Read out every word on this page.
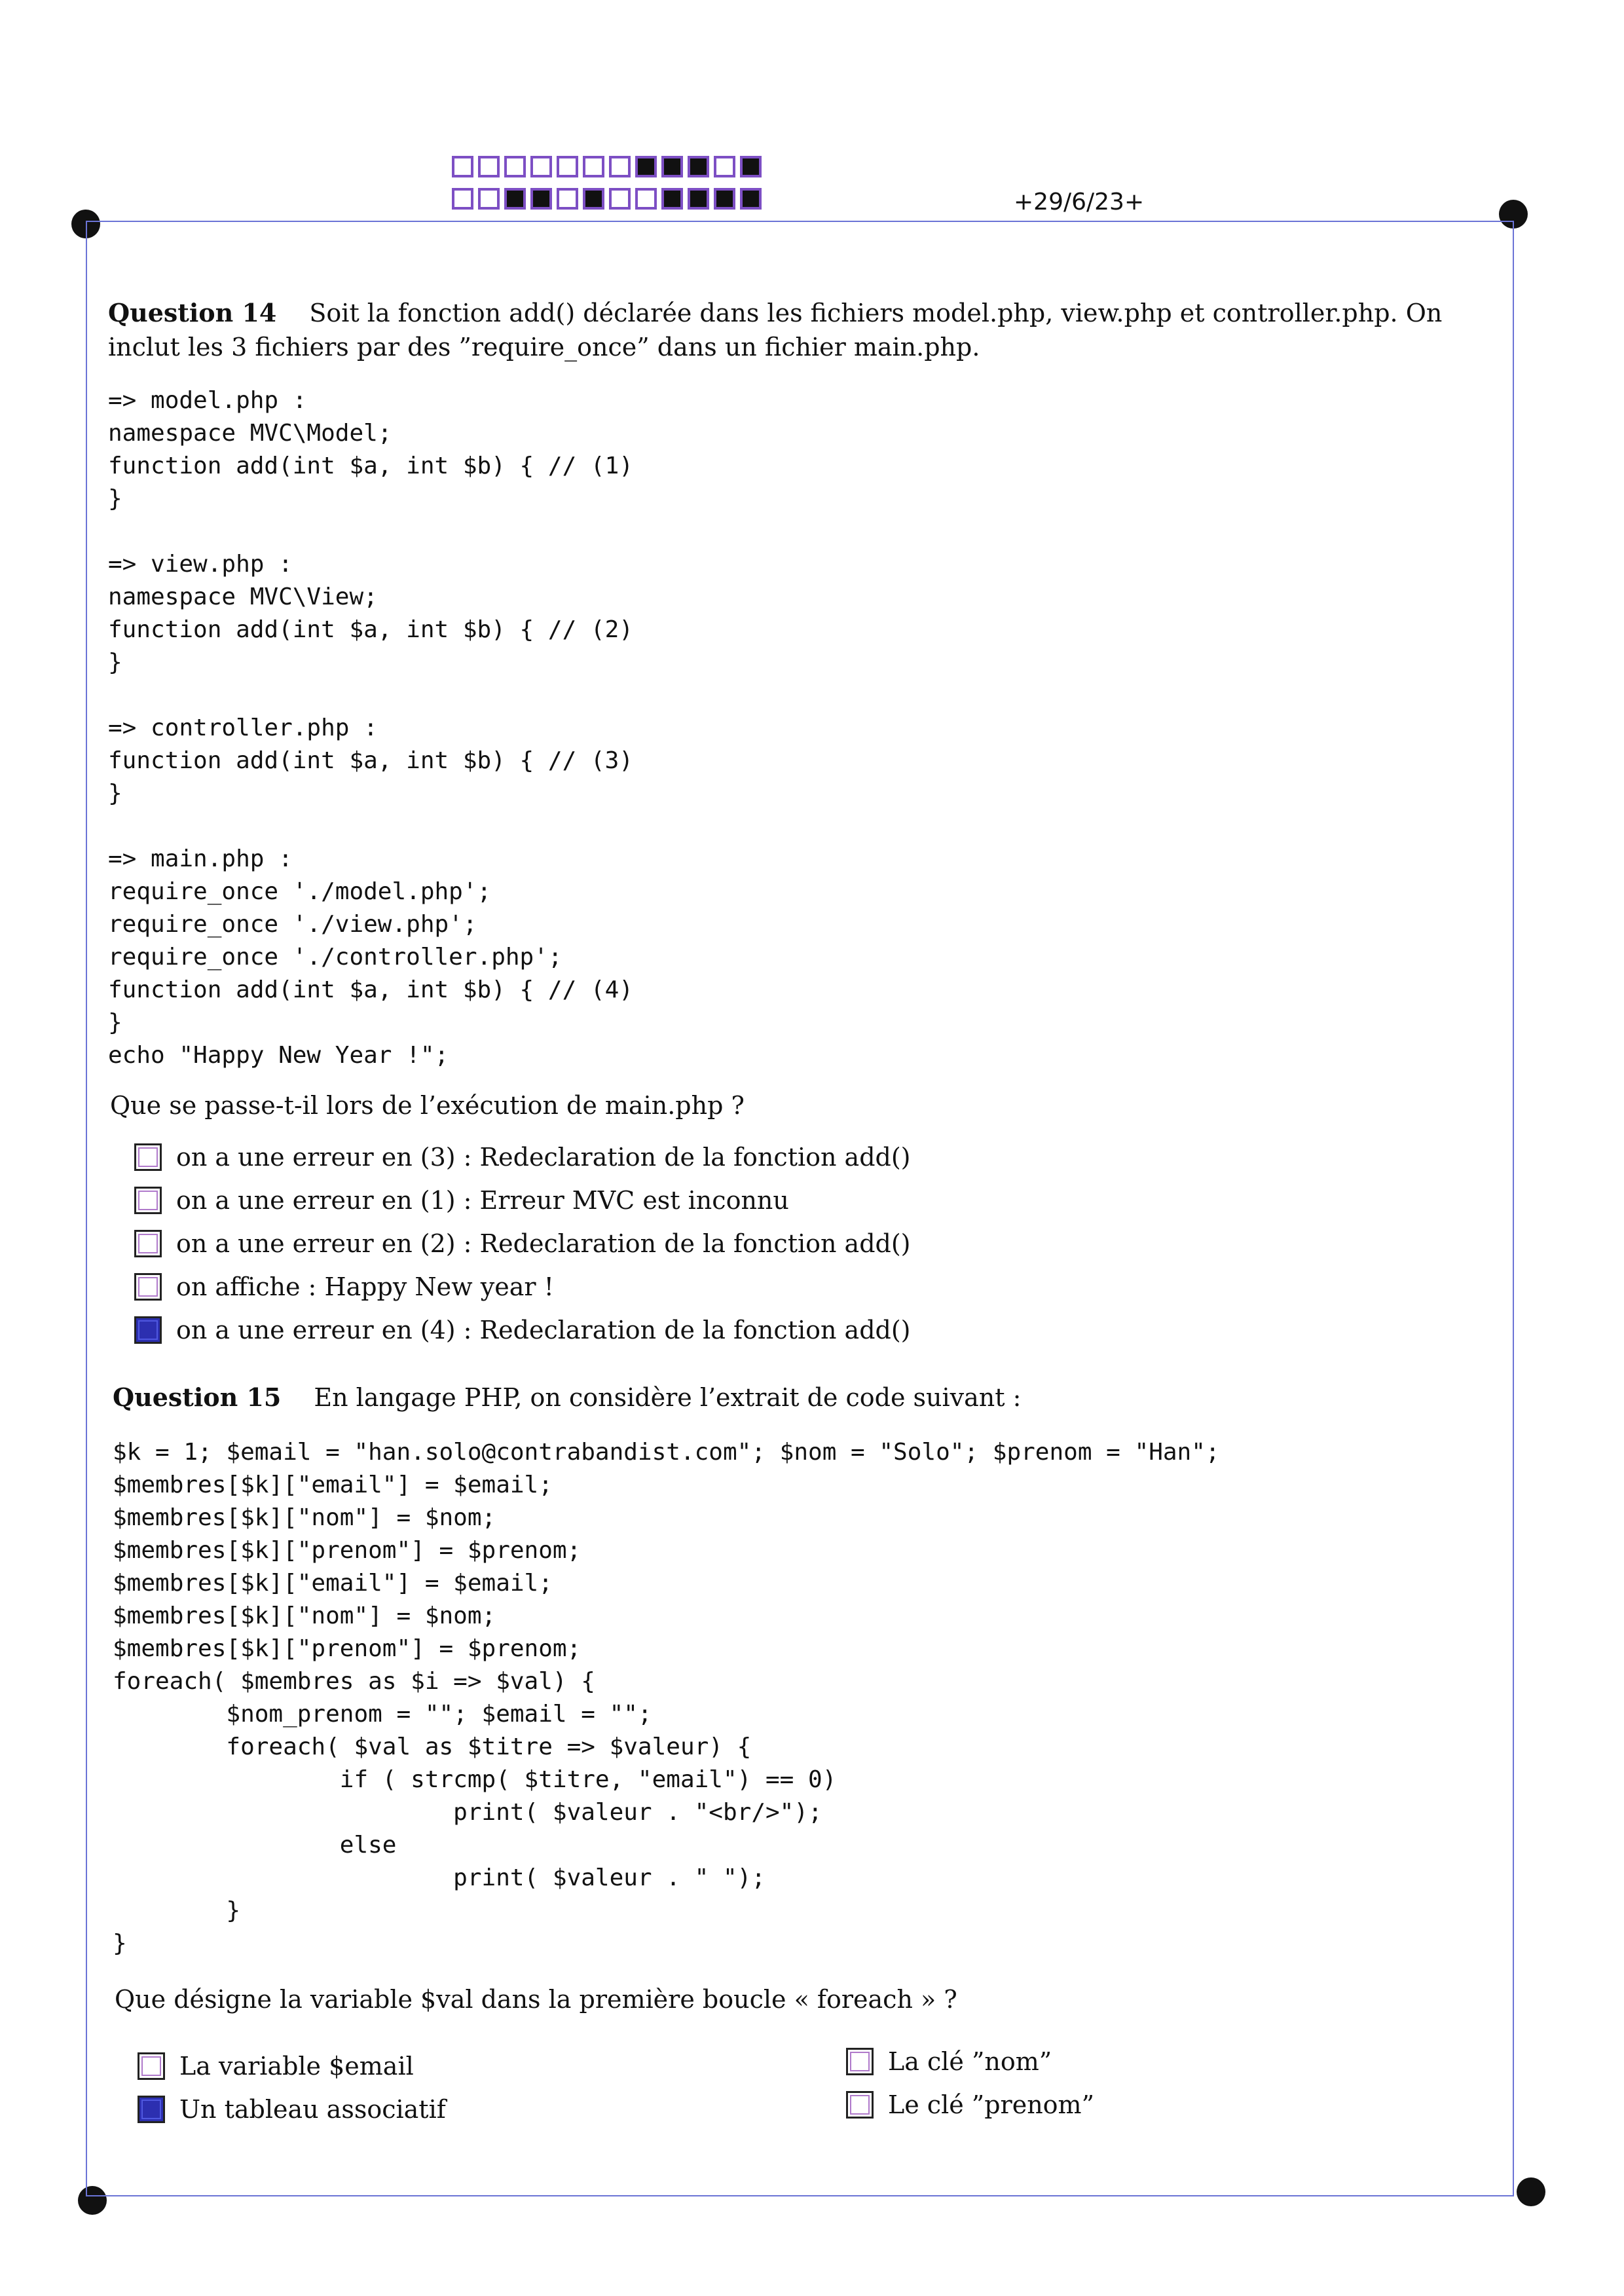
+29/6/23+
Question 14 Soit la fonction add() déclarée dans les fichiers model.php, view.php et controller.php. On inclut les 3 fichiers par des ”require_once” dans un fichier main.php.
=> model.php :
namespace MVC\Model;
function add(int $a, int $b) { // (1)
}

=> view.php :
namespace MVC\View;
function add(int $a, int $b) { // (2)
}

=> controller.php :
function add(int $a, int $b) { // (3)
}

=> main.php :
require_once './model.php';
require_once './view.php';
require_once './controller.php';
function add(int $a, int $b) { // (4)
}
echo "Happy New Year !";
Que se passe-t-il lors de l’exécution de main.php ?
on a une erreur en (3) : Redeclaration de la fonction add()
on a une erreur en (1) : Erreur MVC est inconnu
on a une erreur en (2) : Redeclaration de la fonction add()
on affiche : Happy New year !
on a une erreur en (4) : Redeclaration de la fonction add()
Question 15 En langage PHP, on considère l’extrait de code suivant :
$k = 1; $email = "han.solo@contrabandist.com"; $nom = "Solo"; $prenom = "Han";
$membres[$k]["email"] = $email;
$membres[$k]["nom"] = $nom;
$membres[$k]["prenom"] = $prenom;
$membres[$k]["email"] = $email;
$membres[$k]["nom"] = $nom;
$membres[$k]["prenom"] = $prenom;
foreach( $membres as $i => $val) {
$nom_prenom = ""; $email = "";
foreach( $val as $titre => $valeur) {
if ( strcmp( $titre, "email") == 0)
print( $valeur . "<br/>");
else
print( $valeur . " ");
}
}
Que désigne la variable $val dans la première boucle « foreach » ?
La variable $email
Un tableau associatif
La clé ”nom”
Le clé ”prenom”
